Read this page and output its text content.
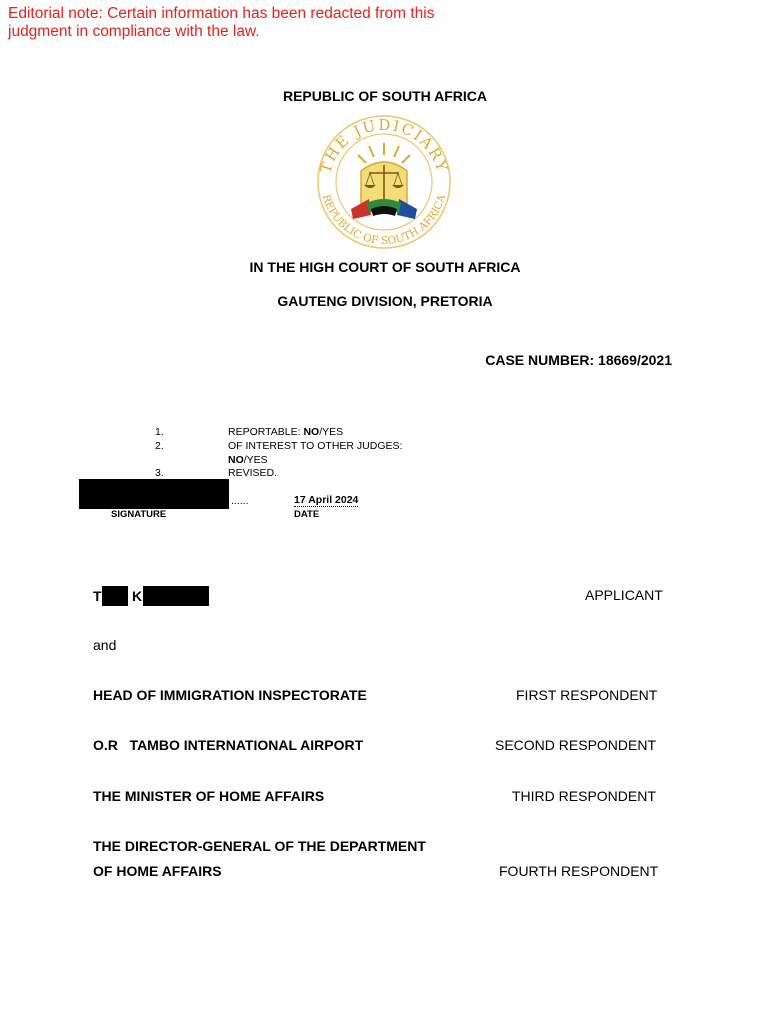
Editorial note: Certain information has been redacted from this
judgment in compliance with the law.
REPUBLIC OF SOUTH AFRICA
THE JUDICIARY
REPUBLIC OF SOUTH AFRICA
IN THE HIGH COURT OF SOUTH AFRICA
GAUTENG DIVISION, PRETORIA
CASE NUMBER: 18669/2021
1.	REPORTABLE: NO/YES
2.	OF INTEREST TO OTHER JUDGES:
NO/YES
3.	REVISED.
......	17 April 2024
SIGNATURE	DATE
T K	APPLICANT
and
HEAD OF IMMIGRATION INSPECTORATE	FIRST RESPONDENT
O.R   TAMBO INTERNATIONAL AIRPORT	SECOND RESPONDENT
THE MINISTER OF HOME AFFAIRS	THIRD RESPONDENT
THE DIRECTOR-GENERAL OF THE DEPARTMENT
OF HOME AFFAIRS	FOURTH RESPONDENT
